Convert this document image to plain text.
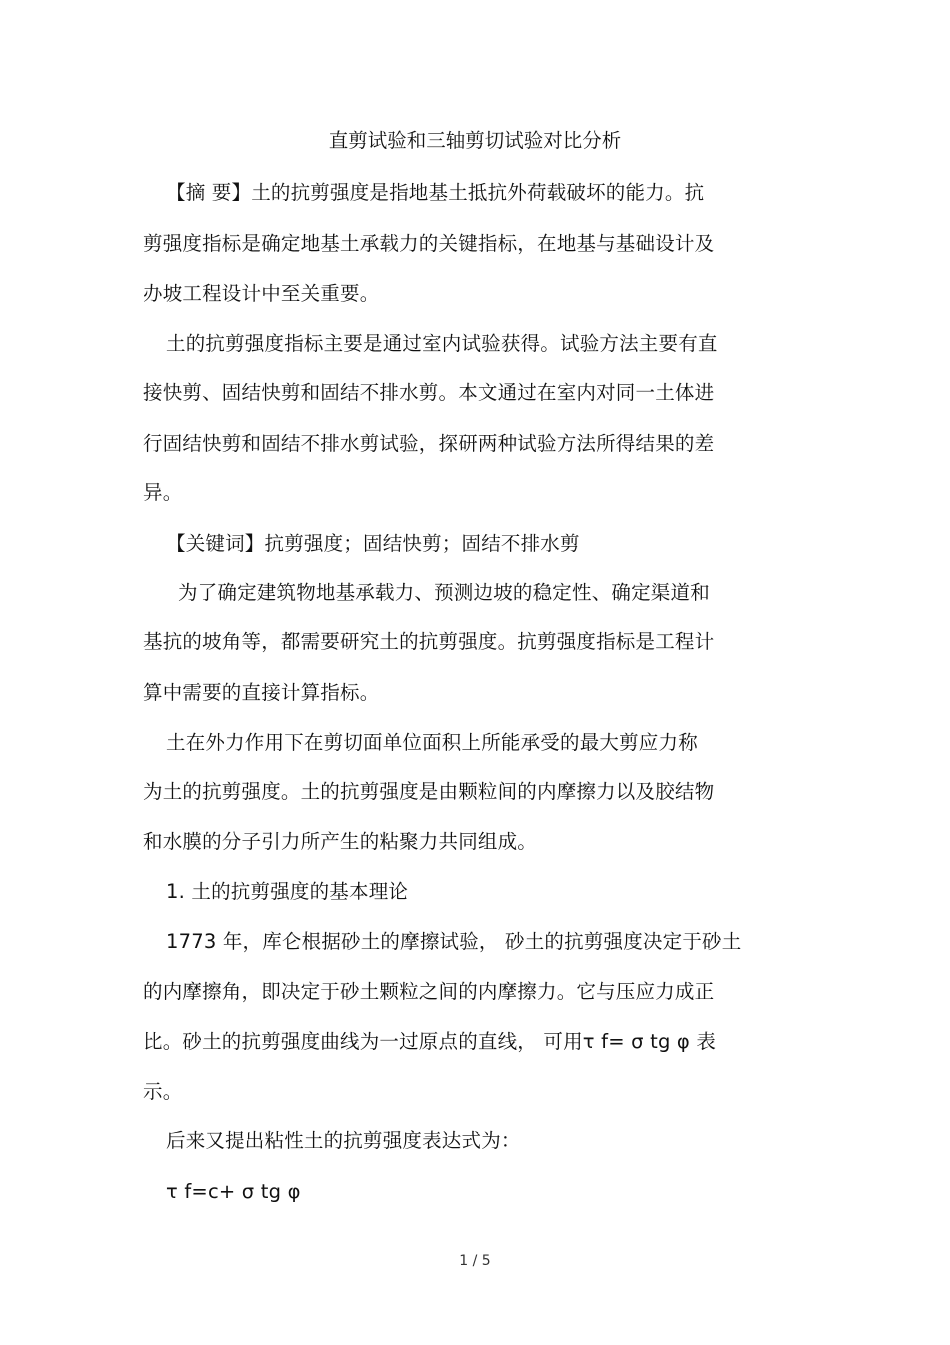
直剪试验和三轴剪切试验对比分析
【摘 要】土的抗剪强度是指地基土抵抗外荷载破坏的能力。抗
剪强度指标是确定地基土承载力的关键指标，在地基与基础设计及
办坡工程设计中至关重要。
土的抗剪强度指标主要是通过室内试验获得。试验方法主要有直
接快剪、固结快剪和固结不排水剪。本文通过在室内对同一土体进
行固结快剪和固结不排水剪试验，探研两种试验方法所得结果的差
异。
【关键词】抗剪强度；固结快剪；固结不排水剪
为了确定建筑物地基承载力、预测边坡的稳定性、确定渠道和
基抗的坡角等，都需要研究土的抗剪强度。抗剪强度指标是工程计
算中需要的直接计算指标。
土在外力作用下在剪切面单位面积上所能承受的最大剪应力称
为土的抗剪强度。土的抗剪强度是由颗粒间的内摩擦力以及胶结物
和水膜的分子引力所产生的粘聚力共同组成。
1. 土的抗剪强度的基本理论
1773 年，库仑根据砂土的摩擦试验， 砂土的抗剪强度决定于砂土
的内摩擦角，即决定于砂土颗粒之间的内摩擦力。它与压应力成正
比。砂土的抗剪强度曲线为一过原点的直线， 可用τ f= σ tg φ 表
示。
后来又提出粘性土的抗剪强度表达式为：
τ f=c+ σ tg φ
1 / 5
